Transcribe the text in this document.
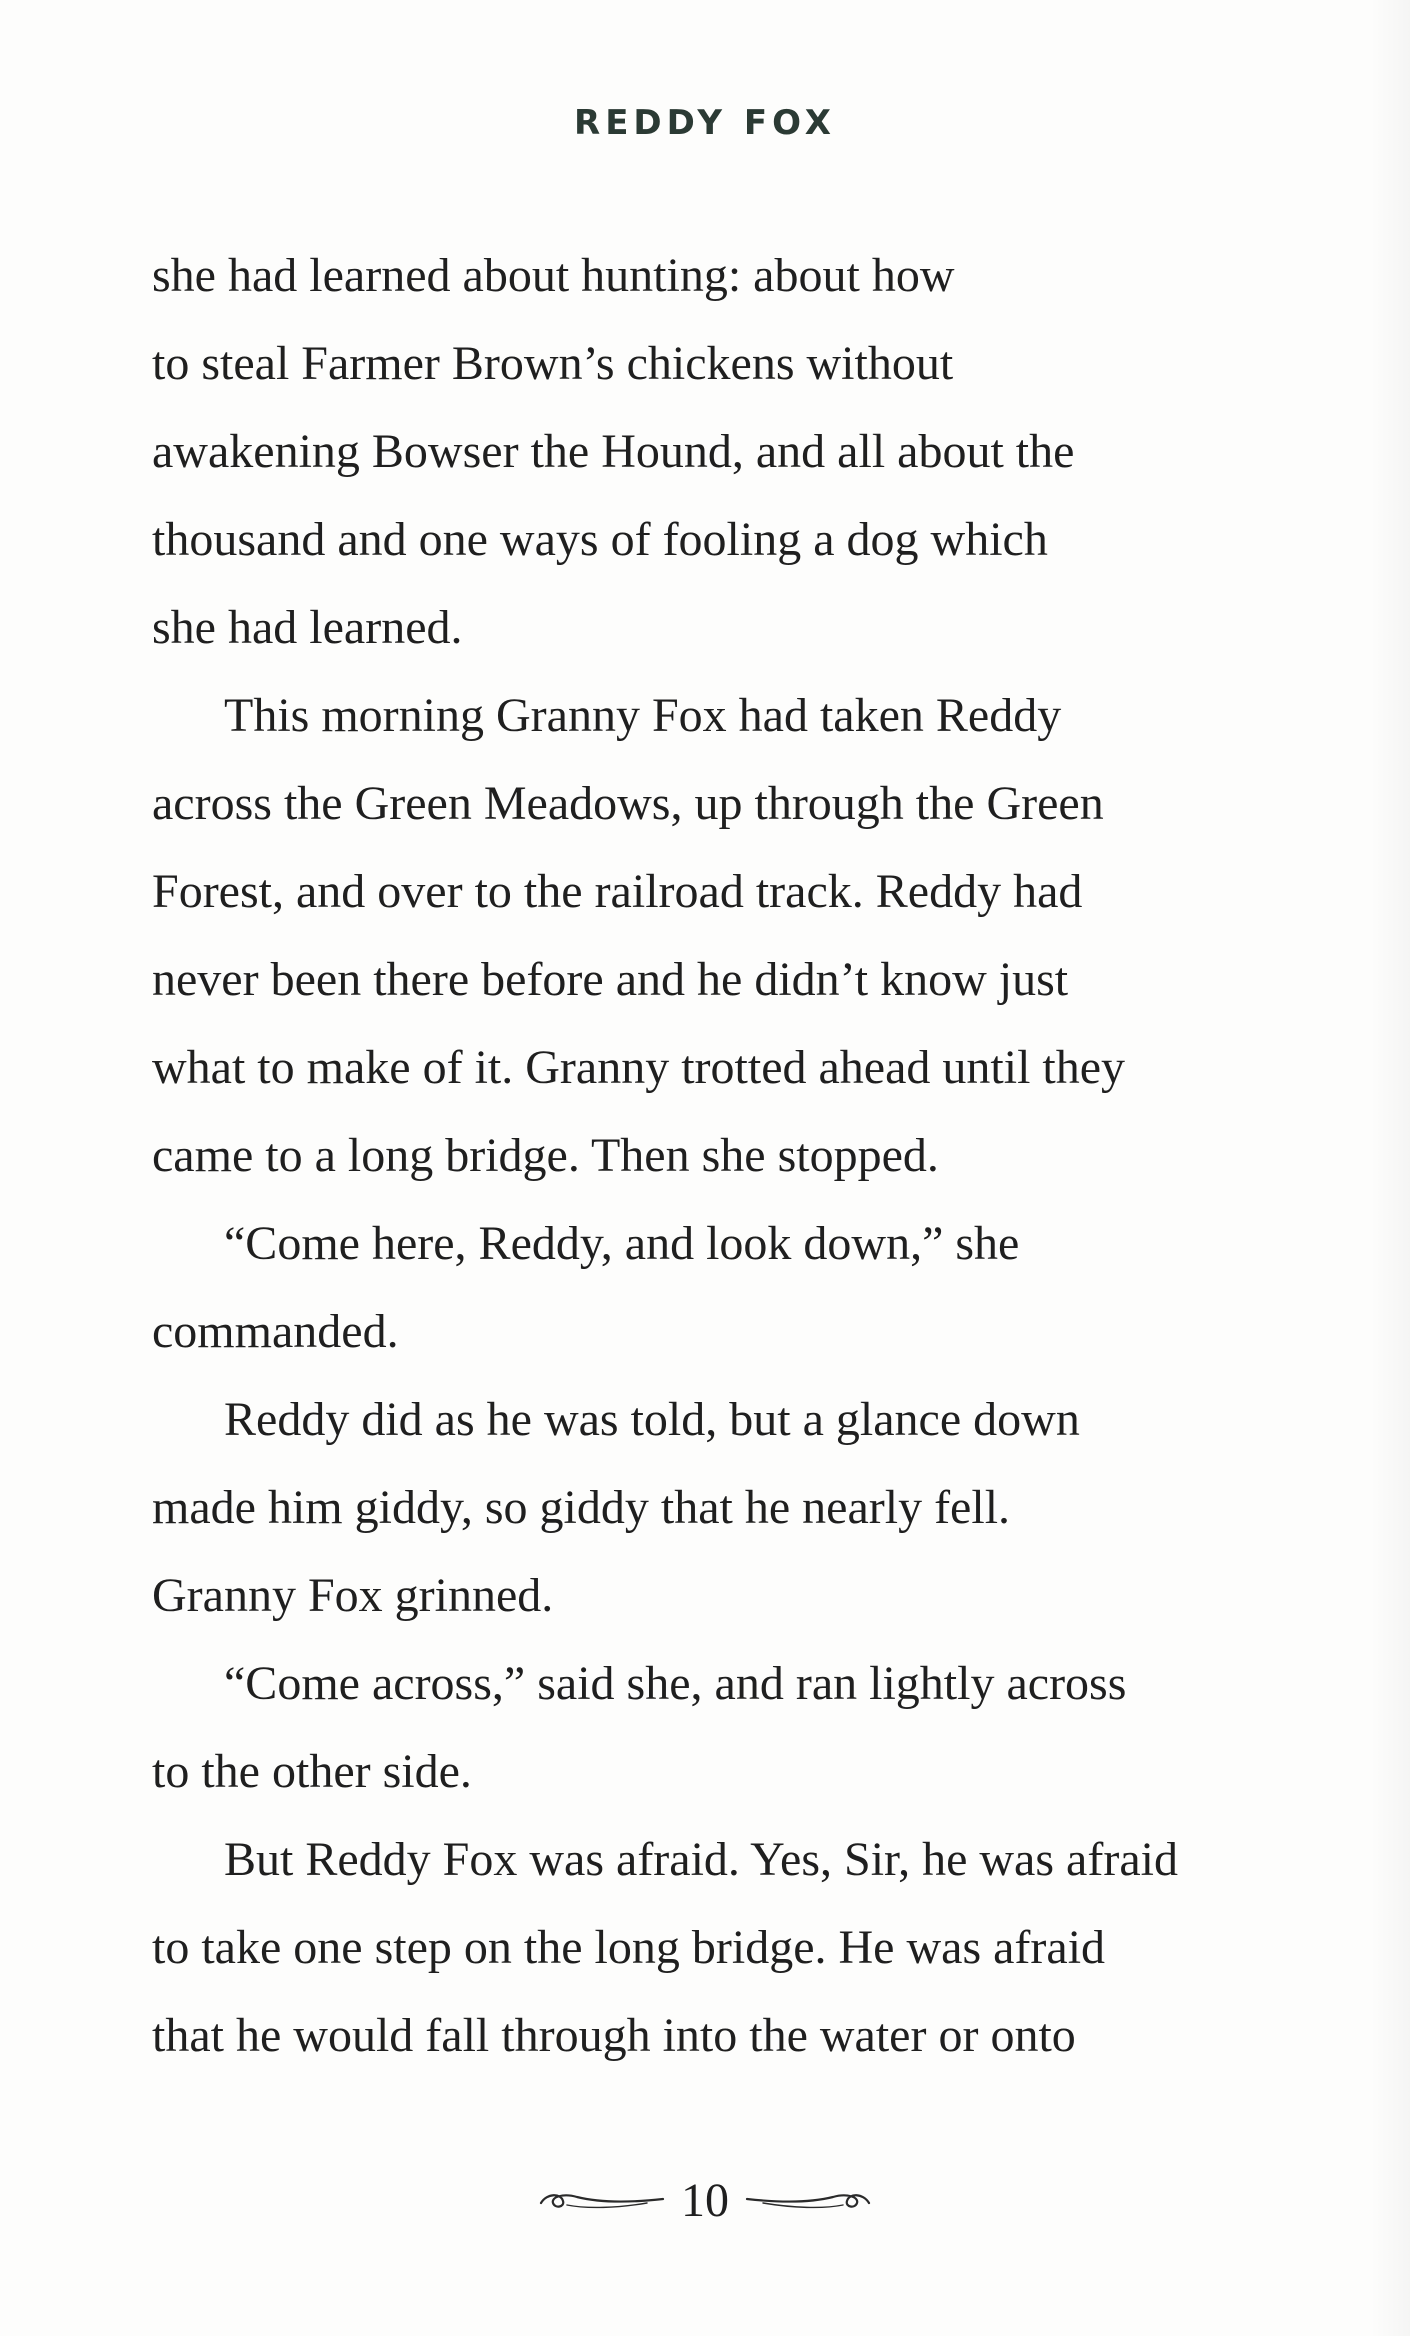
REDDY FOX
she had learned about hunting: about how
to steal Farmer Brown’s chickens without
awakening Bowser the Hound, and all about the
thousand and one ways of fooling a dog which
she had learned.
This morning Granny Fox had taken Reddy
across the Green Meadows, up through the Green
Forest, and over to the railroad track. Reddy had
never been there before and he didn’t know just
what to make of it. Granny trotted ahead until they
came to a long bridge. Then she stopped.
“Come here, Reddy, and look down,” she
commanded.
Reddy did as he was told, but a glance down
made him giddy, so giddy that he nearly fell.
Granny Fox grinned.
“Come across,” said she, and ran lightly across
to the other side.
But Reddy Fox was afraid. Yes, Sir, he was afraid
to take one step on the long bridge. He was afraid
that he would fall through into the water or onto
10
